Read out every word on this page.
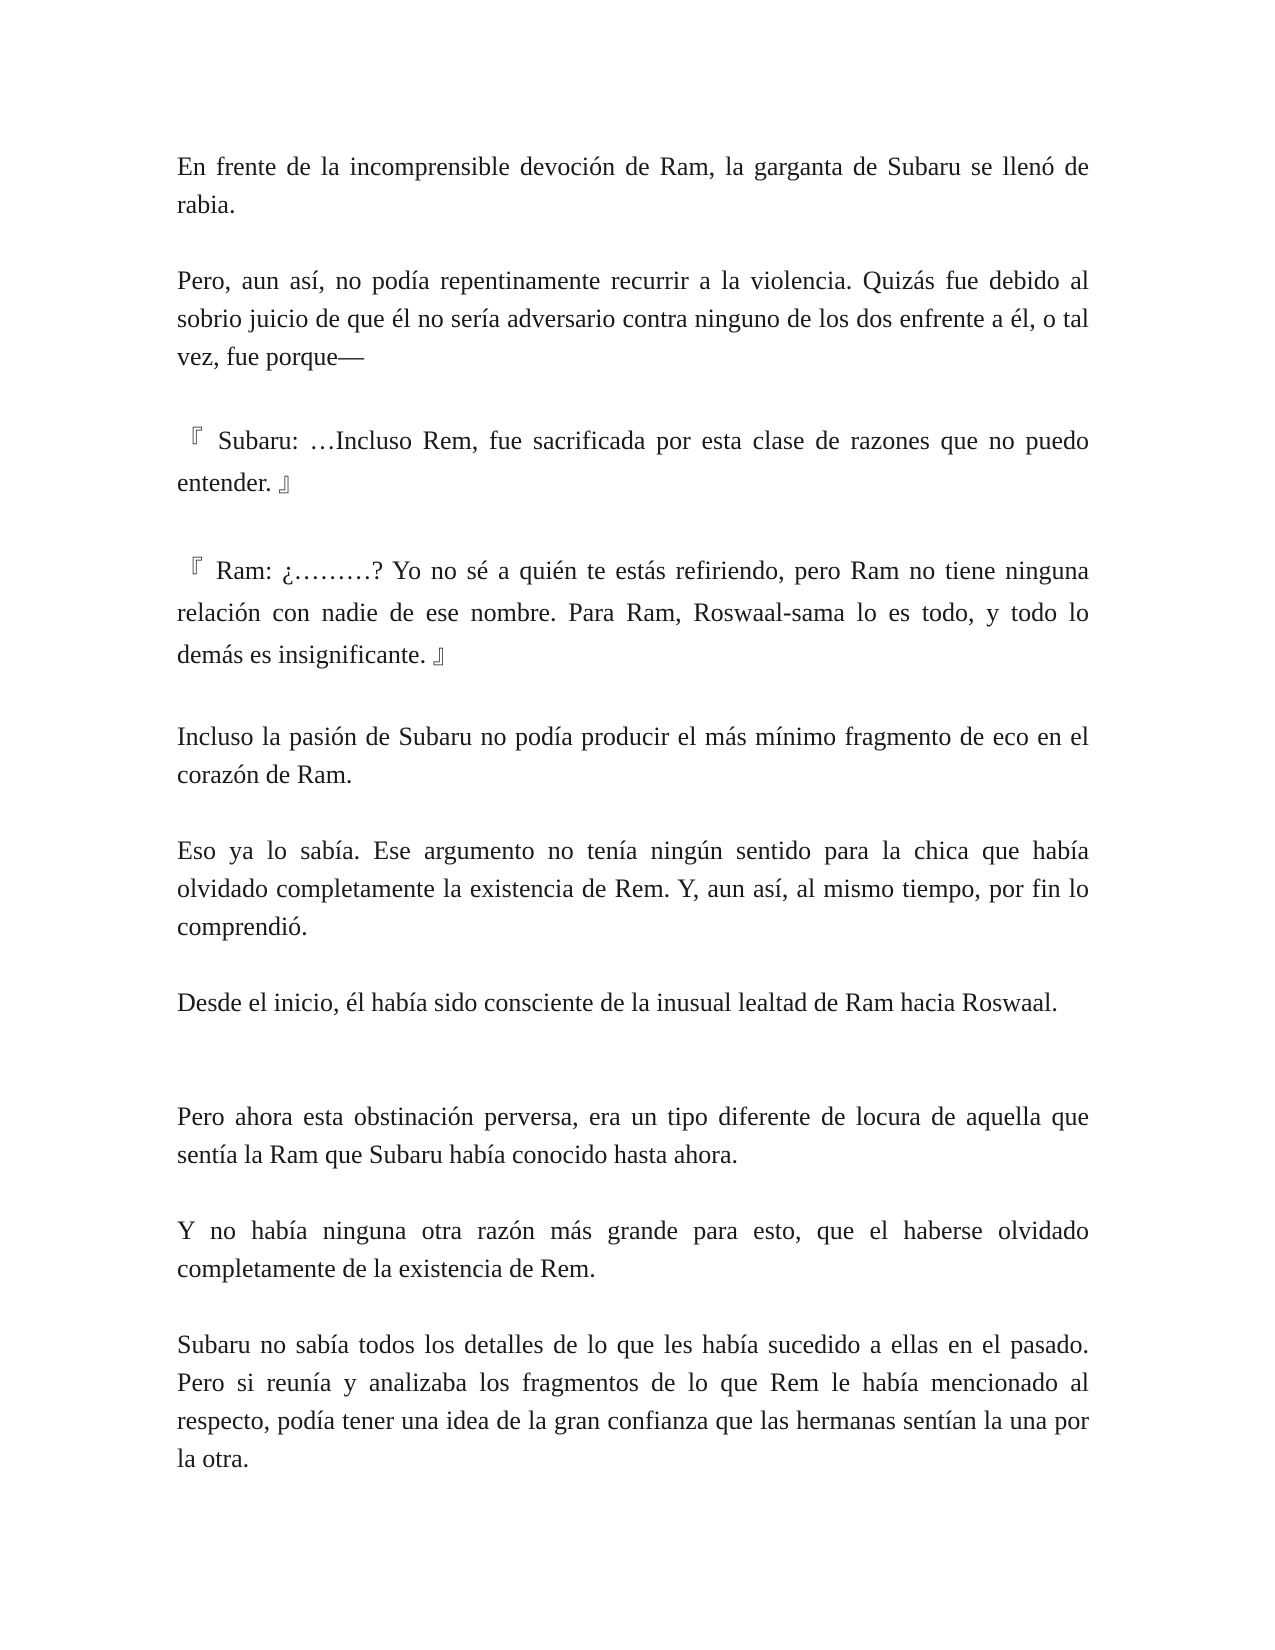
En frente de la incomprensible devoción de Ram, la garganta de Subaru se llenó de rabia.

Pero, aun así, no podía repentinamente recurrir a la violencia. Quizás fue debido al sobrio juicio de que él no sería adversario contra ninguno de los dos enfrente a él, o tal vez, fue porque—

『 Subaru: …Incluso Rem, fue sacrificada por esta clase de razones que no puedo entender. 』

『 Ram: ¿………? Yo no sé a quién te estás refiriendo, pero Ram no tiene ninguna relación con nadie de ese nombre. Para Ram, Roswaal-sama lo es todo, y todo lo demás es insignificante. 』

Incluso la pasión de Subaru no podía producir el más mínimo fragmento de eco en el corazón de Ram.

Eso ya lo sabía. Ese argumento no tenía ningún sentido para la chica que había olvidado completamente la existencia de Rem. Y, aun así, al mismo tiempo, por fin lo comprendió.

Desde el inicio, él había sido consciente de la inusual lealtad de Ram hacia Roswaal.

Pero ahora esta obstinación perversa, era un tipo diferente de locura de aquella que sentía la Ram que Subaru había conocido hasta ahora.

Y no había ninguna otra razón más grande para esto, que el haberse olvidado completamente de la existencia de Rem.

Subaru no sabía todos los detalles de lo que les había sucedido a ellas en el pasado. Pero si reunía y analizaba los fragmentos de lo que Rem le había mencionado al respecto, podía tener una idea de la gran confianza que las hermanas sentían la una por la otra.
